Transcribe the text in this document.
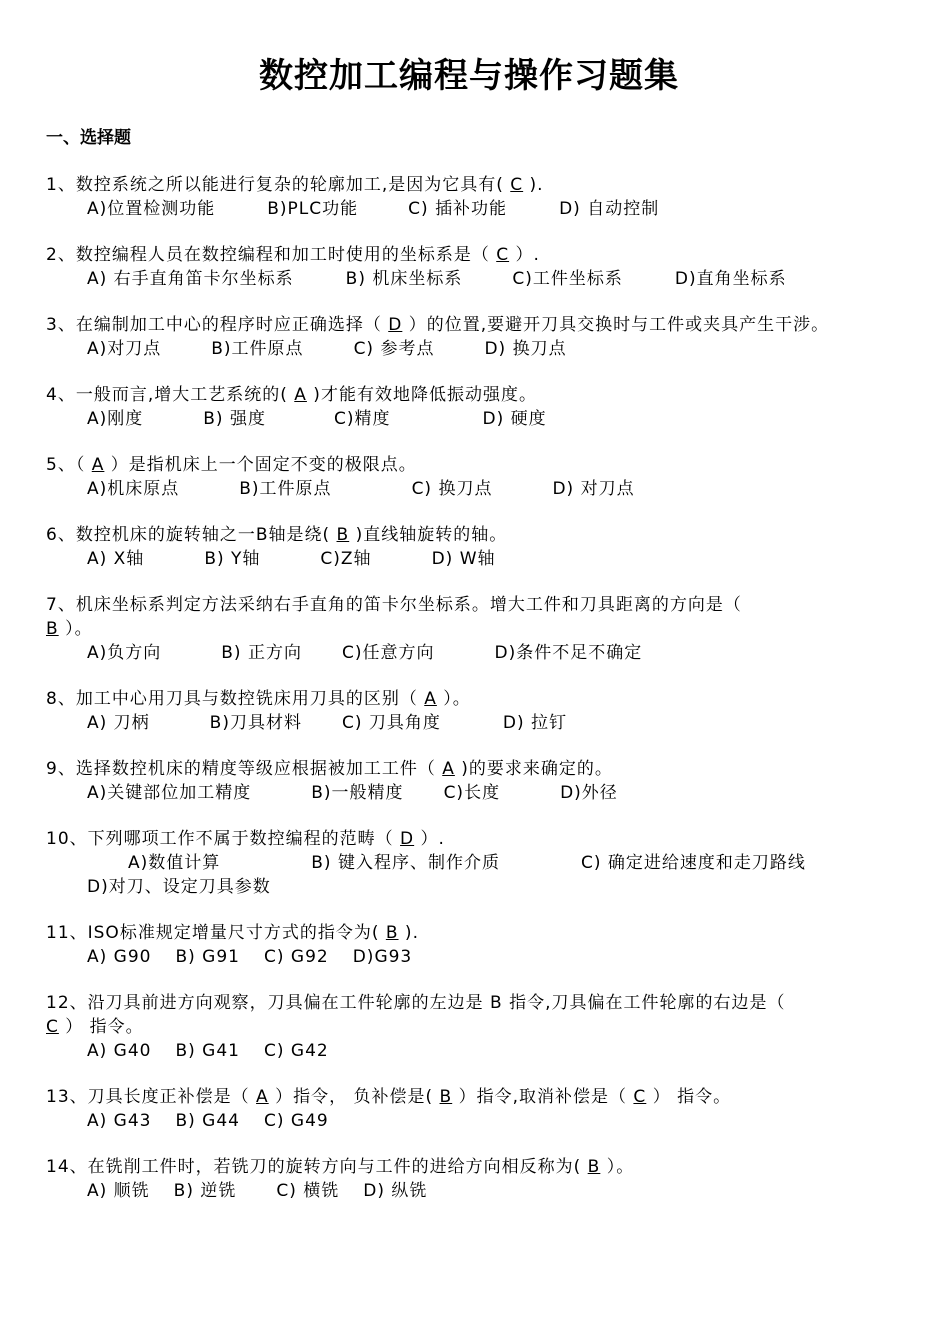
数控加工编程与操作习题集
一、选择题
1、数控系统之所以能进行复杂的轮廓加工,是因为它具有( C ).
A)位置检测功能	B)PLC功能	C) 插补功能	D) 自动控制
2、数控编程人员在数控编程和加工时使用的坐标系是（ C ）.
A) 右手直角笛卡尔坐标系	B) 机床坐标系	C)工件坐标系	D)直角坐标系
3、在编制加工中心的程序时应正确选择（ D ）的位置,要避开刀具交换时与工件或夹具产生干涉。
A)对刀点	B)工件原点	C) 参考点	D) 换刀点
4、一般而言,增大工艺系统的( A )才能有效地降低振动强度。
A)刚度	B) 强度	C)精度	D) 硬度
5、（ A ）是指机床上一个固定不变的极限点。
A)机床原点	B)工件原点	C) 换刀点	D) 对刀点
6、数控机床的旋转轴之一B轴是绕( B )直线轴旋转的轴。
A) X轴	B) Y轴	C)Z轴	D) W轴
7、机床坐标系判定方法采纳右手直角的笛卡尔坐标系。增大工件和刀具距离的方向是（
B ）。
A)负方向	B) 正方向 C)任意方向	D)条件不足不确定
8、加工中心用刀具与数控铣床用刀具的区别（ A ）。
A) 刀柄	B)刀具材料 C) 刀具角度	D) 拉钉
9、选择数控机床的精度等级应根据被加工工件（ A )的要求来确定的。
A)关键部位加工精度	B)一般精度 C)长度	D)外径
10、下列哪项工作不属于数控编程的范畴（ D ）.
A)数值计算	B) 键入程序、制作介质	C) 确定进给速度和走刀路线D)对刀、设定刀具参数
11、ISO标准规定增量尺寸方式的指令为( B ).
A) G90 B) G91 C) G92 D)G93
12、沿刀具前进方向观察，刀具偏在工件轮廓的左边是 B 指令,刀具偏在工件轮廓的右边是（
C ） 指令。
A) G40 B) G41 C) G42
13、刀具长度正补偿是（ A ）指令， 负补偿是( B ）指令,取消补偿是（ C ） 指令。
A) G43 B) G44 C) G49
14、在铣削工件时，若铣刀的旋转方向与工件的进给方向相反称为( B ）。
A) 顺铣 B) 逆铣 C) 横铣 D) 纵铣
